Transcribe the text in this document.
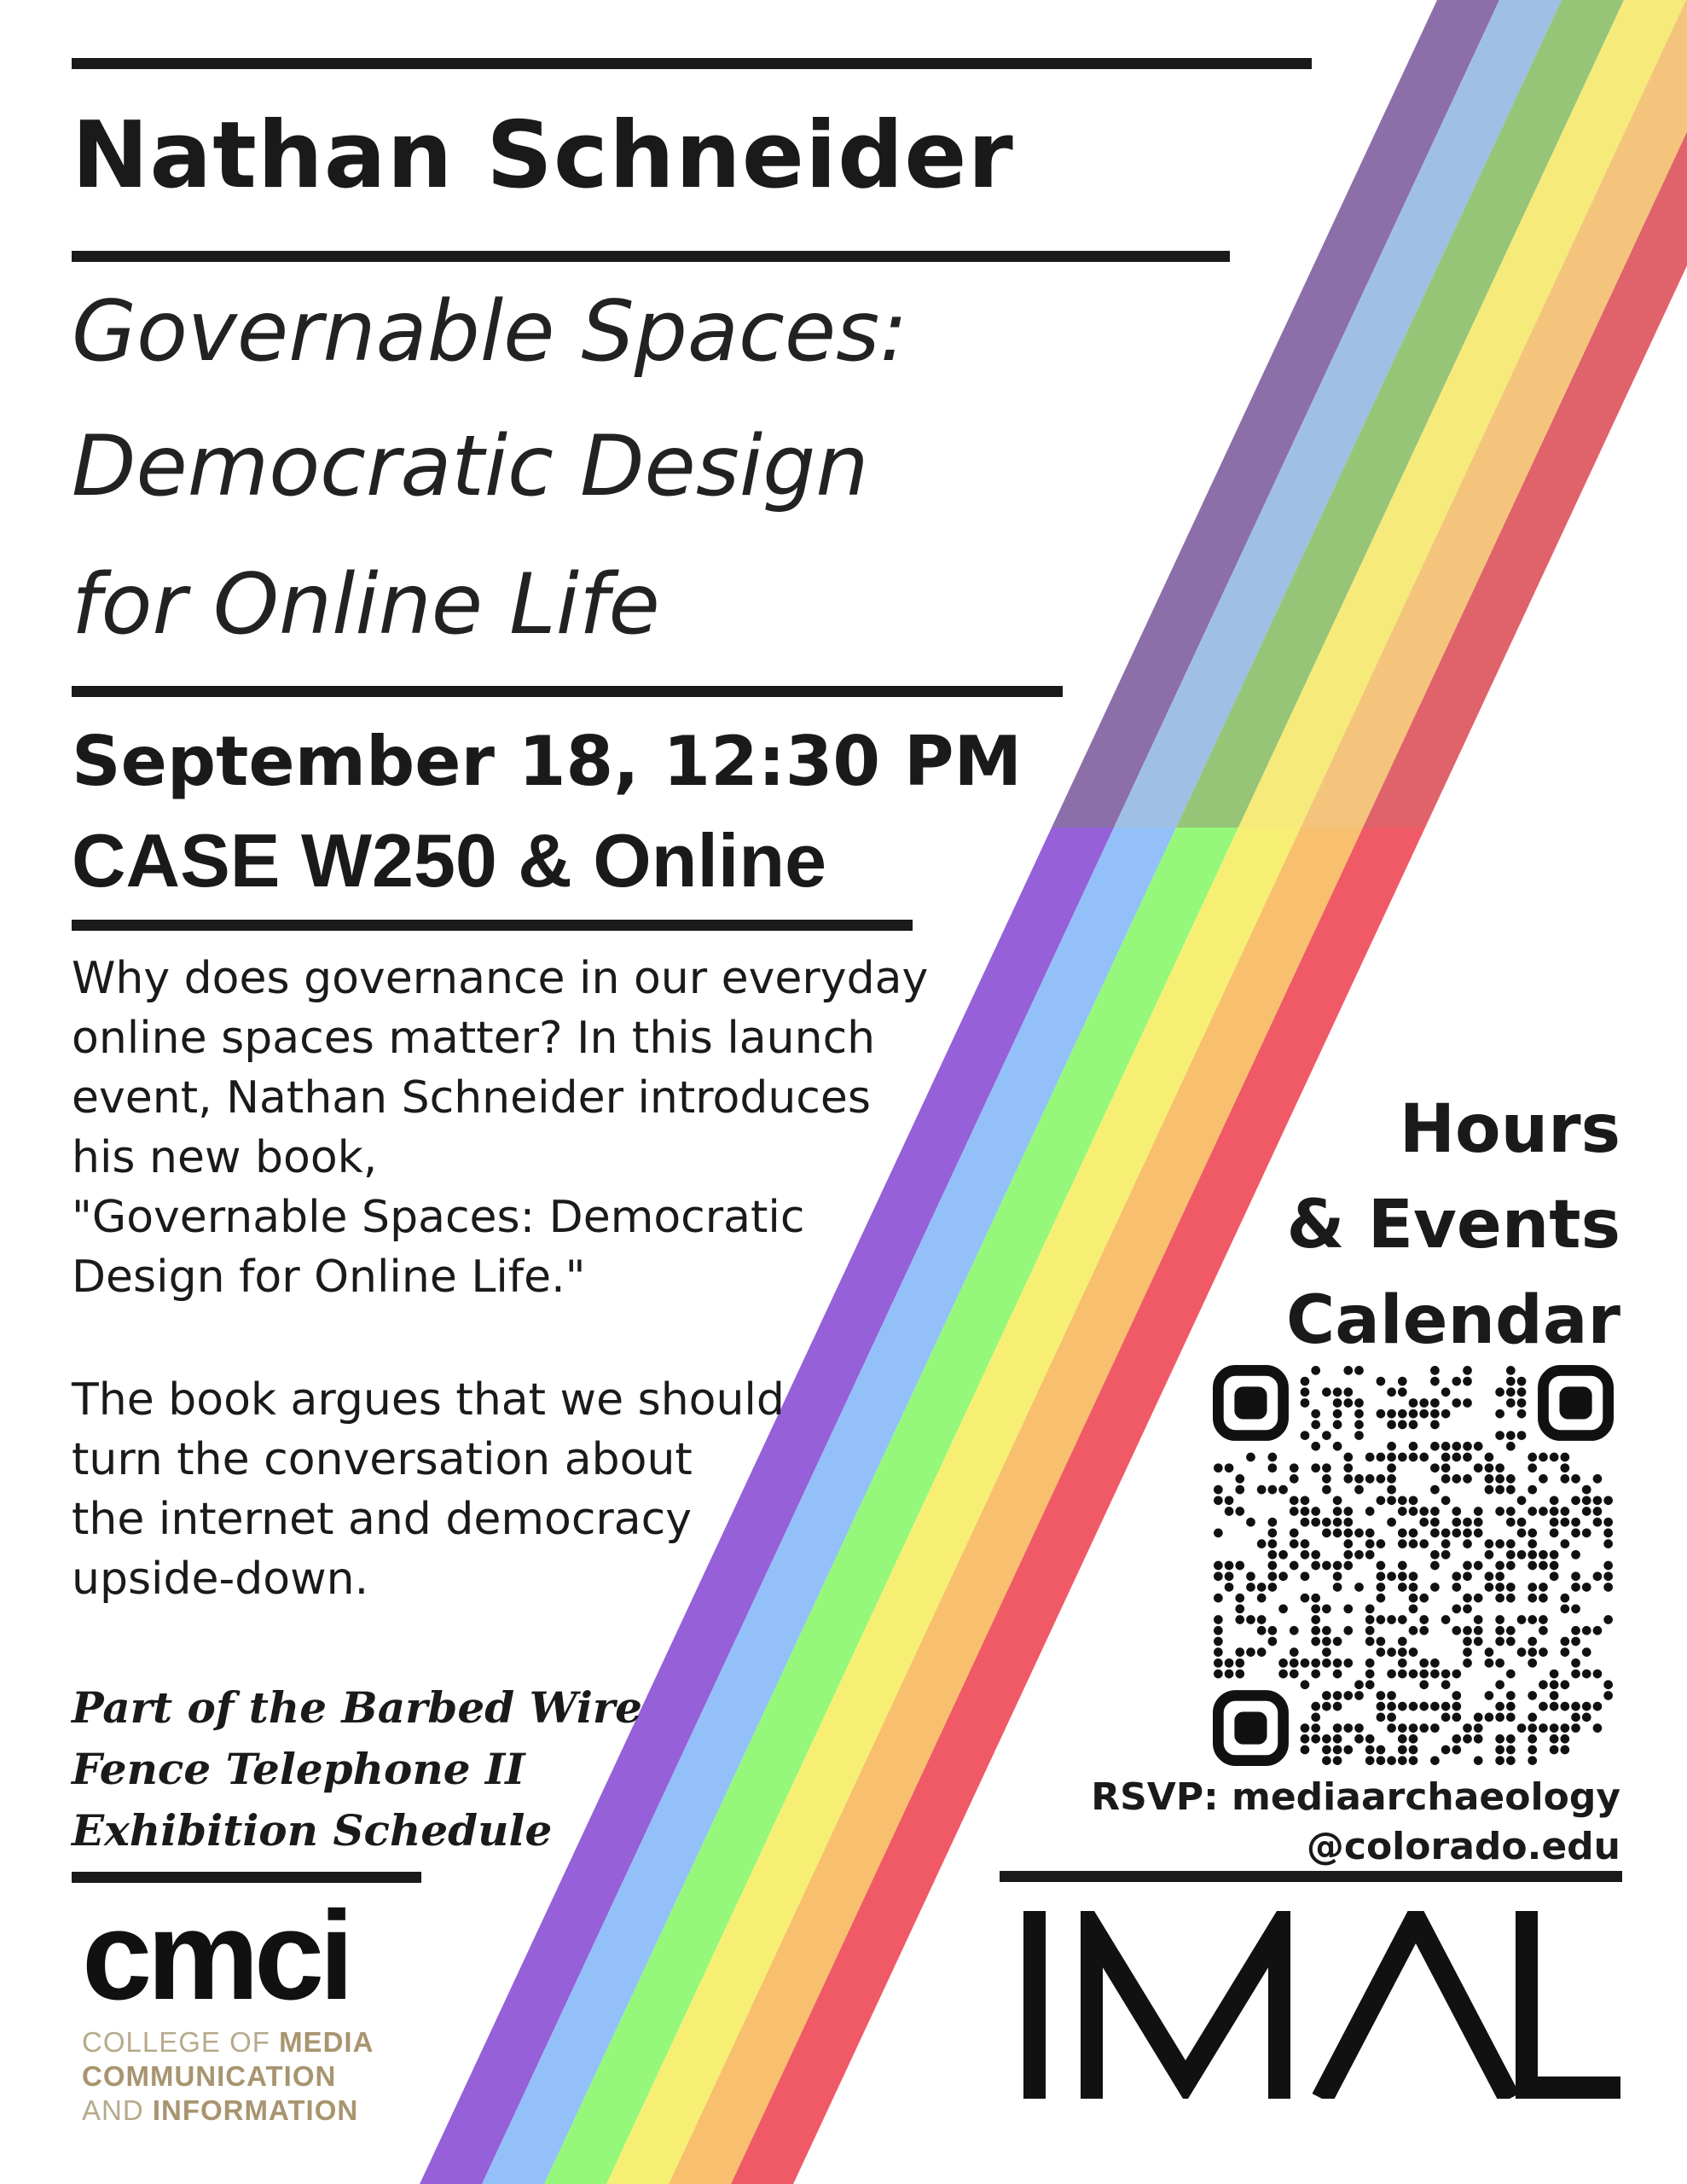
Nathan Schneider
Governable Spaces:
Democratic Design
for Online Life
September 18, 12:30 PM
CASE W250 & Online
Why does governance in our everyday
online spaces matter? In this launch
event, Nathan Schneider introduces
his new book,
"Governable Spaces: Democratic
Design for Online Life."
The book argues that we should
turn the conversation about
the internet and democracy
upside-down.
Part of the Barbed Wire
Fence Telephone II
Exhibition Schedule
Hours
& Events
Calendar
RSVP: mediaarchaeology
@colorado.edu
cmci
COLLEGE OF MEDIA
COMMUNICATION
AND INFORMATION
